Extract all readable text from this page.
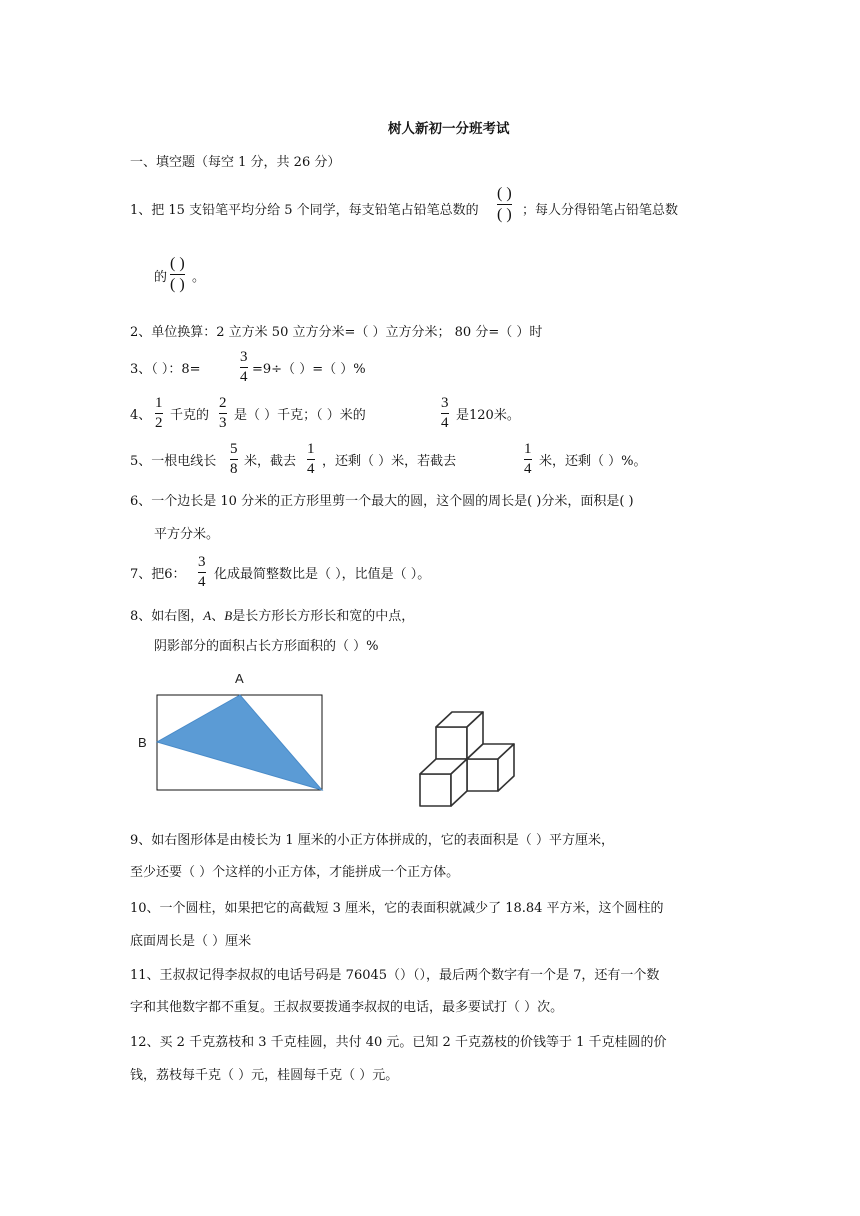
树人新初一分班考试
一、填空题（每空 1 分，共 26 分）
1、把 15 支铅笔平均分给 5 个同学，每支铅笔占铅笔总数的
( )
( ) ；每人分得铅笔占铅笔总数
的
( )
( ) 。
2、单位换算：2 立方米 50 立方分米=（ ）立方分米； 80 分=（ ）时
3、（ ）：8=
3
4 =9÷（ ）=（ ）%
4、
1
2 千克的
2
3 是（ ）千克；（ ）米的
3
4 是120米。
5、一根电线长
5
8 米，截去
1
4 ，还剩（ ）米，若截去
1
4 米，还剩（ ）%。
6、一个边长是 10 分米的正方形里剪一个最大的圆，这个圆的周长是( )分米，面积是( )
平方分米。
7、把6：
3
4 化成最简整数比是（ ），比值是（ ）。
8、如右图，A、B是长方形长方形长和宽的中点，
阴影部分的面积占长方形面积的（ ）%
A
B
9、如右图形体是由棱长为 1 厘米的小正方体拼成的，它的表面积是（ ）平方厘米，
至少还要（ ）个这样的小正方体，才能拼成一个正方体。
10、一个圆柱，如果把它的高截短 3 厘米，它的表面积就减少了 18.84 平方米，这个圆柱的
底面周长是（ ）厘米
11、王叔叔记得李叔叔的电话号码是 76045（）（），最后两个数字有一个是 7，还有一个数
字和其他数字都不重复。王叔叔要拨通李叔叔的电话，最多要试打（ ）次。
12、买 2 千克荔枝和 3 千克桂圆，共付 40 元。已知 2 千克荔枝的价钱等于 1 千克桂圆的价
钱，荔枝每千克（ ）元，桂圆每千克（ ）元。
